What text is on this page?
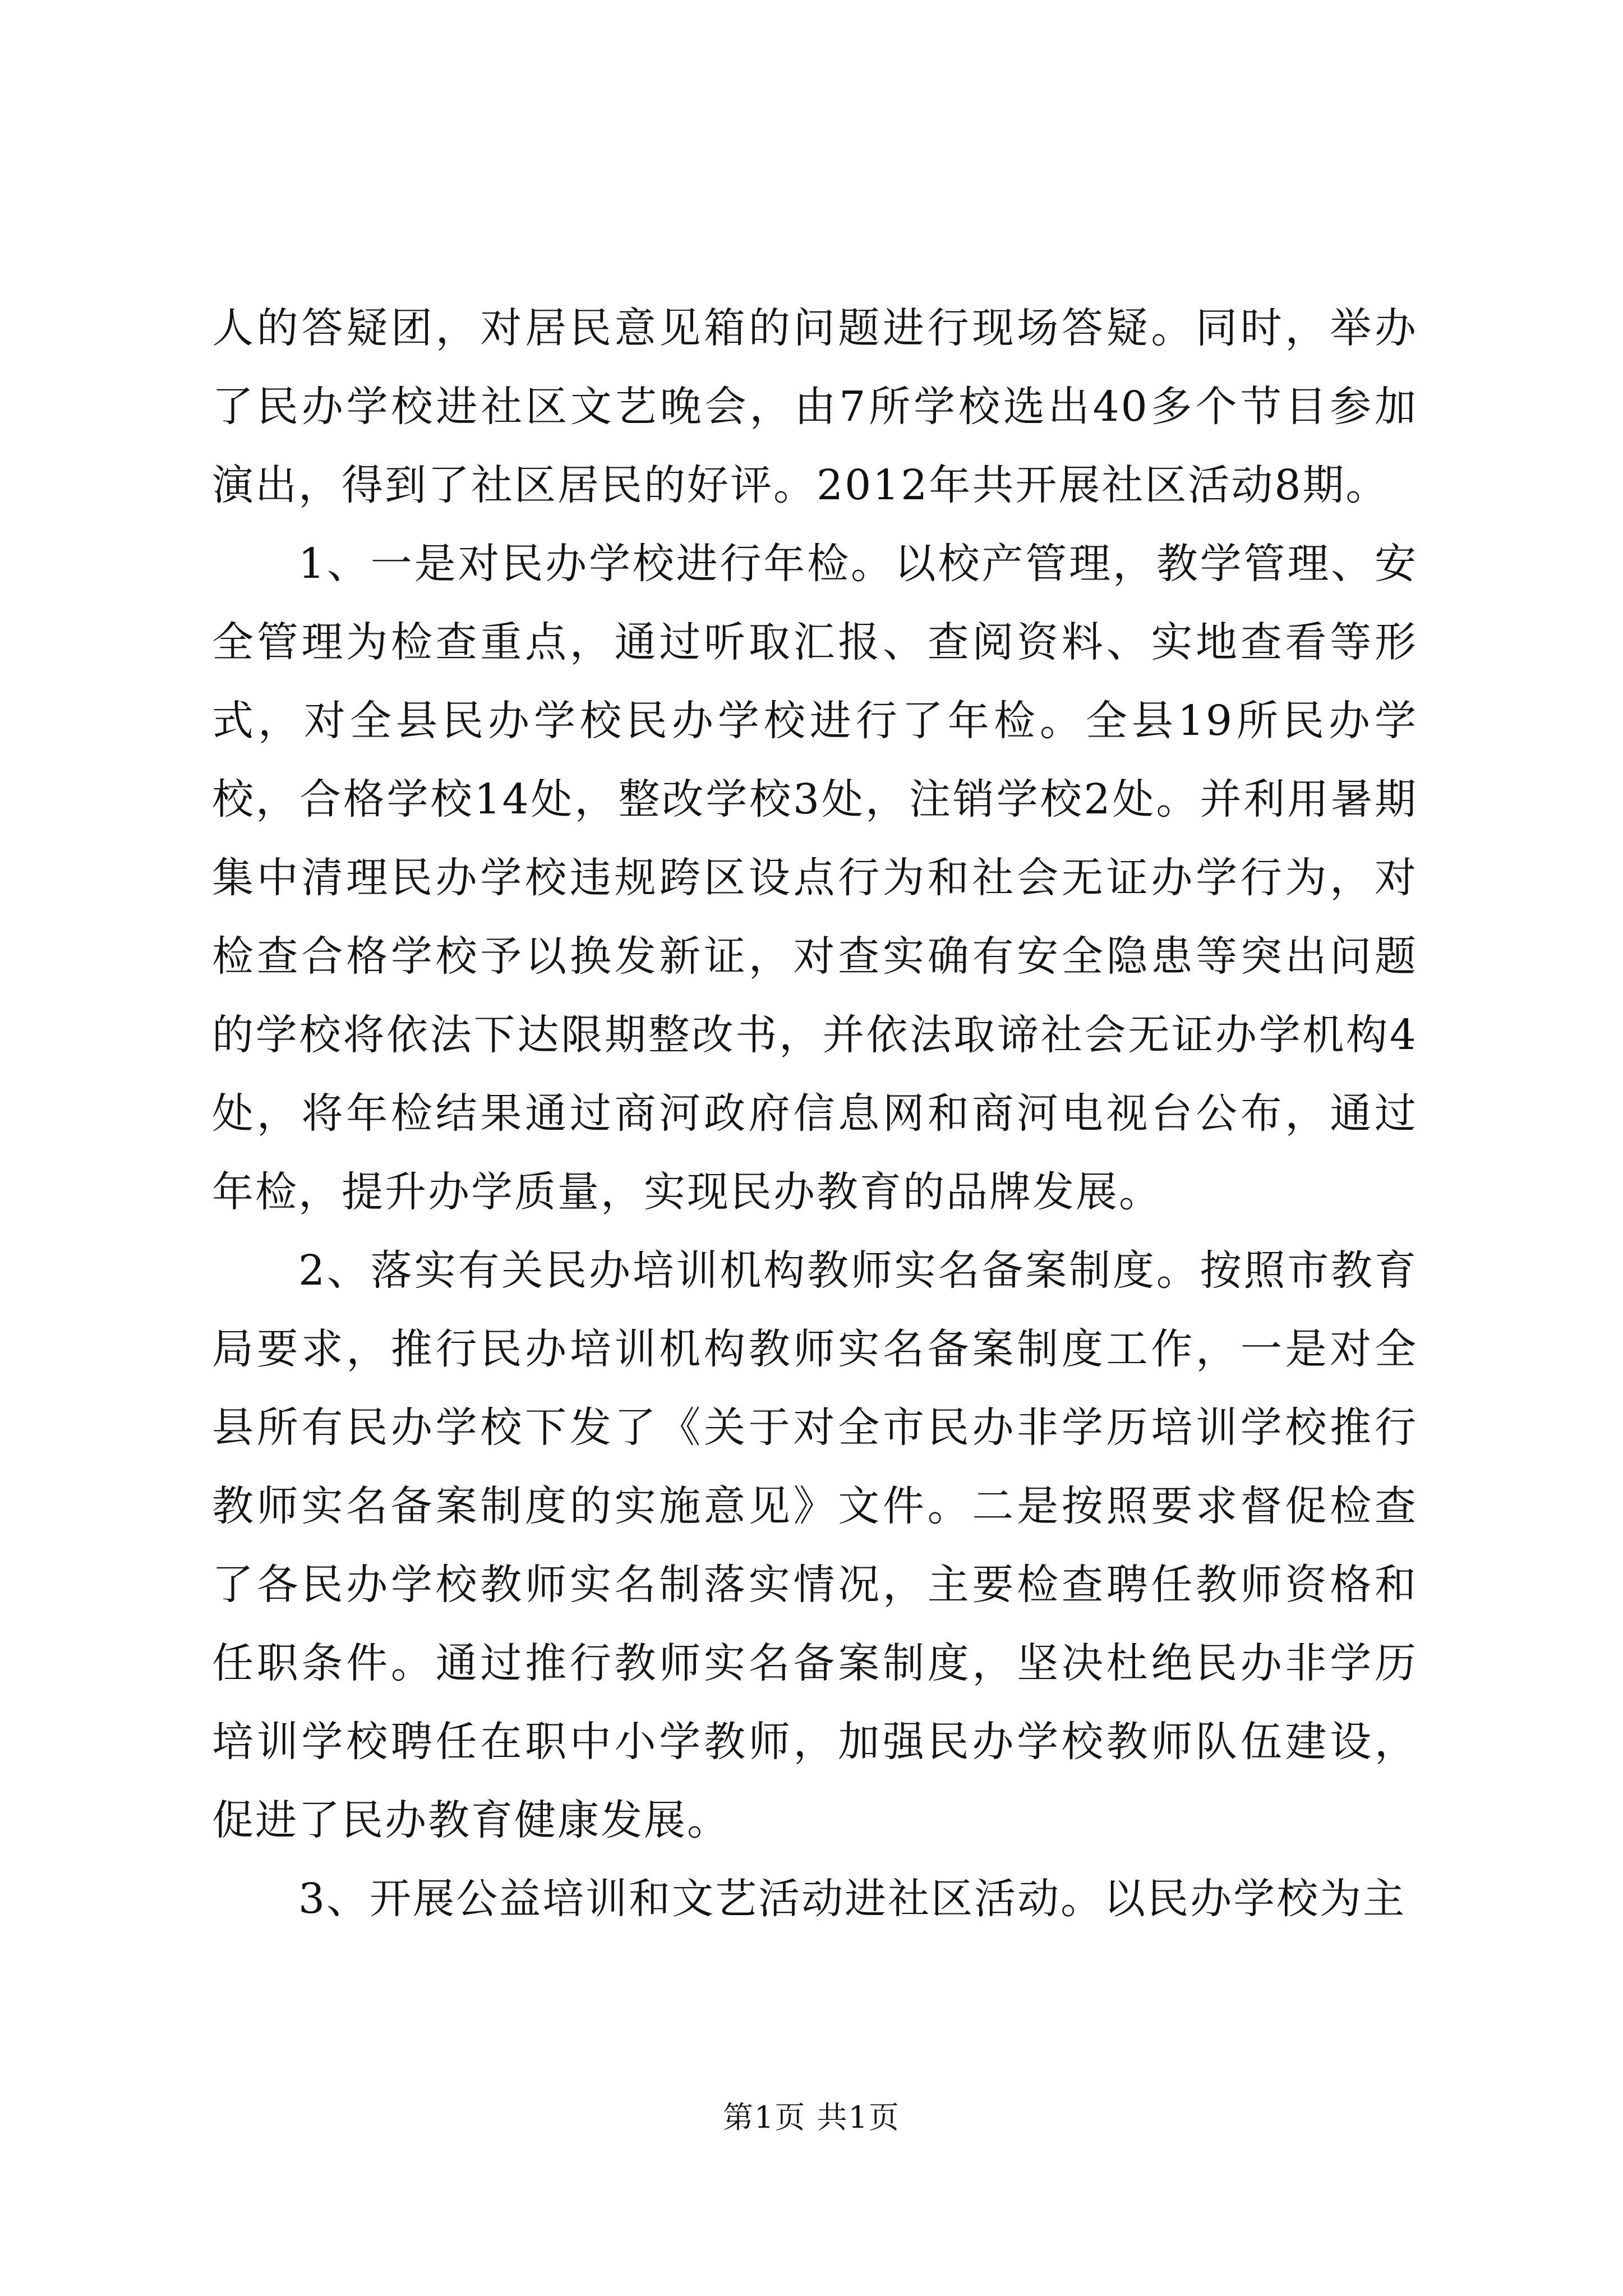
人的答疑团，对居民意见箱的问题进行现场答疑。同时，举办了民办学校进社区文艺晚会，由7所学校选出40多个节目参加演出，得到了社区居民的好评。2012年共开展社区活动8期。

1、一是对民办学校进行年检。以校产管理，教学管理、安全管理为检查重点，通过听取汇报、查阅资料、实地查看等形式，对全县民办学校民办学校进行了年检。全县19所民办学校，合格学校14处，整改学校3处，注销学校2处。并利用暑期集中清理民办学校违规跨区设点行为和社会无证办学行为，对检查合格学校予以换发新证，对查实确有安全隐患等突出问题的学校将依法下达限期整改书，并依法取谛社会无证办学机构4处，将年检结果通过商河政府信息网和商河电视台公布，通过年检，提升办学质量，实现民办教育的品牌发展。

2、落实有关民办培训机构教师实名备案制度。按照市教育局要求，推行民办培训机构教师实名备案制度工作，一是对全县所有民办学校下发了《关于对全市民办非学历培训学校推行教师实名备案制度的实施意见》文件。二是按照要求督促检查了各民办学校教师实名制落实情况，主要检查聘任教师资格和任职条件。通过推行教师实名备案制度，坚决杜绝民办非学历培训学校聘任在职中小学教师，加强民办学校教师队伍建设，促进了民办教育健康发展。

3、开展公益培训和文艺活动进社区活动。以民办学校为主

第1页 共1页
